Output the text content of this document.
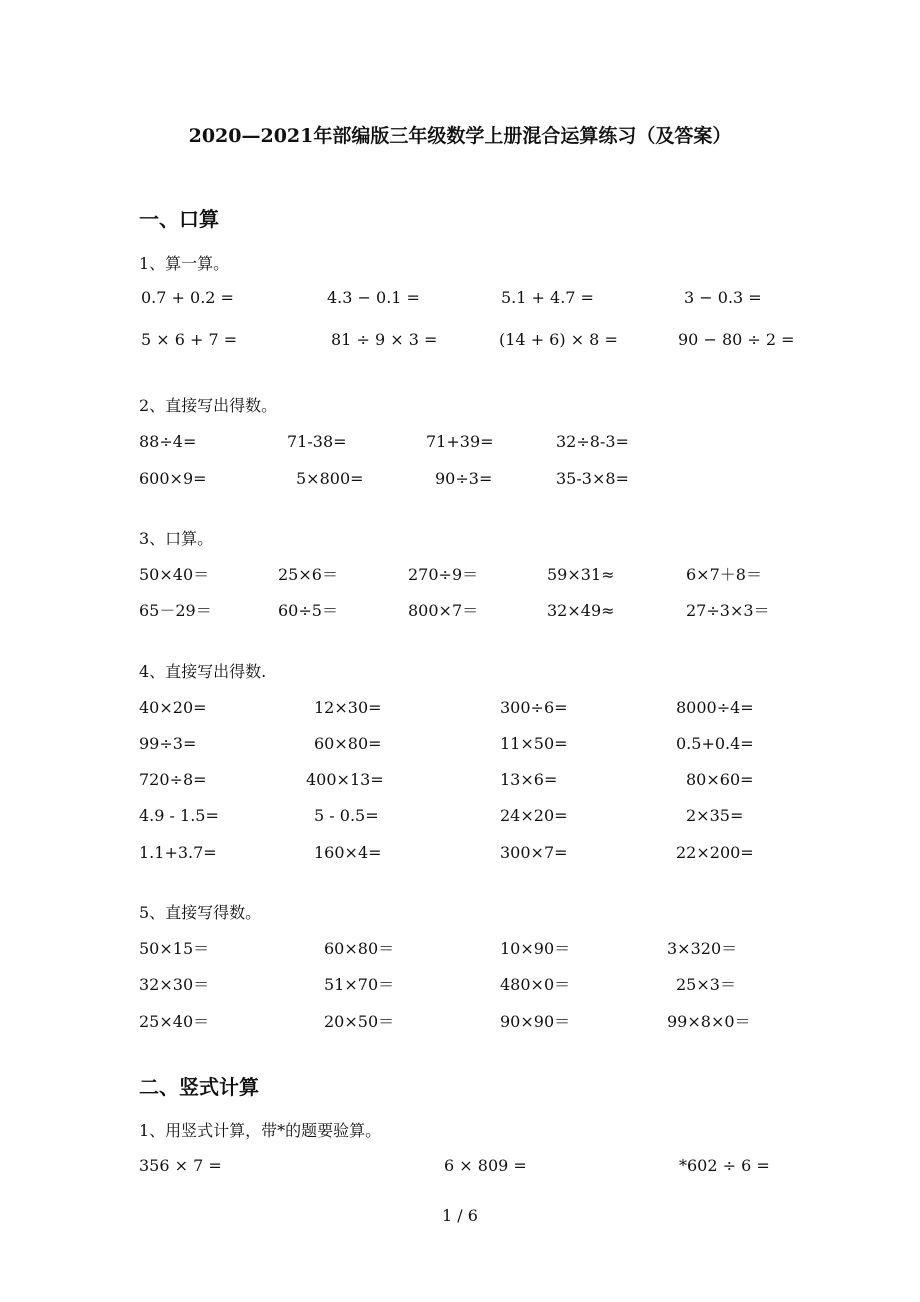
2020—2021年部编版三年级数学上册混合运算练习（及答案）
一、口算
1、算一算。
0.7 + 0.2 =	4.3 − 0.1 =	5.1 + 4.7 =	3 − 0.3 =
5 × 6 + 7 =	81 ÷ 9 × 3 =	(14 + 6) × 8 =	90 − 80 ÷ 2 =
2、直接写出得数。
88÷4=	71-38=	71+39=	32÷8-3=
600×9=	5×800=	90÷3=	35-3×8=
3、口算。
50×40＝	25×6＝	270÷9＝	59×31≈	6×7＋8＝
65－29＝	60÷5＝	800×7＝	32×49≈	27÷3×3＝
4、直接写出得数.
40×20=	12×30=	300÷6=	8000÷4=
99÷3=	60×80=	11×50=	0.5+0.4=
720÷8=	400×13=	13×6=	80×60=
4.9 - 1.5=	5 - 0.5=	24×20=	2×35=
1.1+3.7=	160×4=	300×7=	22×200=
5、直接写得数。
50×15＝	60×80＝	10×90＝	3×320＝
32×30＝	51×70＝	480×0＝	25×3＝
25×40＝	20×50＝	90×90＝	99×8×0＝
二、竖式计算
1、用竖式计算，带*的题要验算。
356 × 7 =	6 × 809 =	*602 ÷ 6 =
1 / 6
